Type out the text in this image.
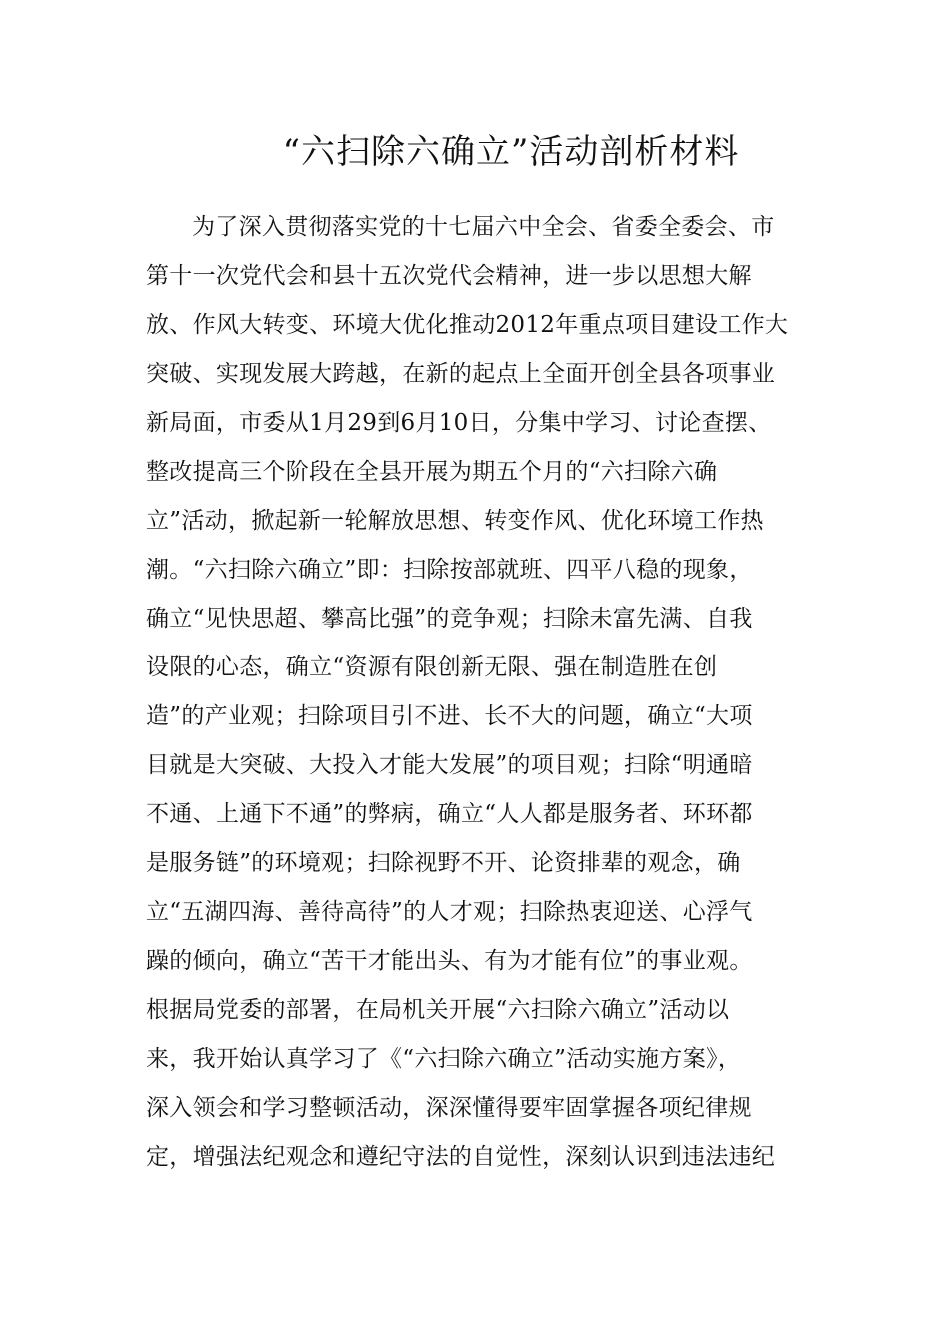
“六扫除六确立”活动剖析材料
为了深入贯彻落实党的十七届六中全会、省委全委会、市
第十一次党代会和县十五次党代会精神，进一步以思想大解
放、作风大转变、环境大优化推动2012年重点项目建设工作大
突破、实现发展大跨越，在新的起点上全面开创全县各项事业
新局面，市委从1月29到6月10日，分集中学习、讨论查摆、
整改提高三个阶段在全县开展为期五个月的“六扫除六确
立”活动，掀起新一轮解放思想、转变作风、优化环境工作热
潮。“六扫除六确立”即：扫除按部就班、四平八稳的现象，
确立“见快思超、攀高比强”的竞争观；扫除未富先满、自我
设限的心态，确立“资源有限创新无限、强在制造胜在创
造”的产业观；扫除项目引不进、长不大的问题，确立“大项
目就是大突破、大投入才能大发展”的项目观；扫除“明通暗
不通、上通下不通”的弊病，确立“人人都是服务者、环环都
是服务链”的环境观；扫除视野不开、论资排辈的观念，确
立“五湖四海、善待高待”的人才观；扫除热衷迎送、心浮气
躁的倾向，确立“苦干才能出头、有为才能有位”的事业观。
根据局党委的部署，在局机关开展“六扫除六确立”活动以
来，我开始认真学习了《“六扫除六确立”活动实施方案》，
深入领会和学习整顿活动，深深懂得要牢固掌握各项纪律规
定，增强法纪观念和遵纪守法的自觉性，深刻认识到违法违纪
